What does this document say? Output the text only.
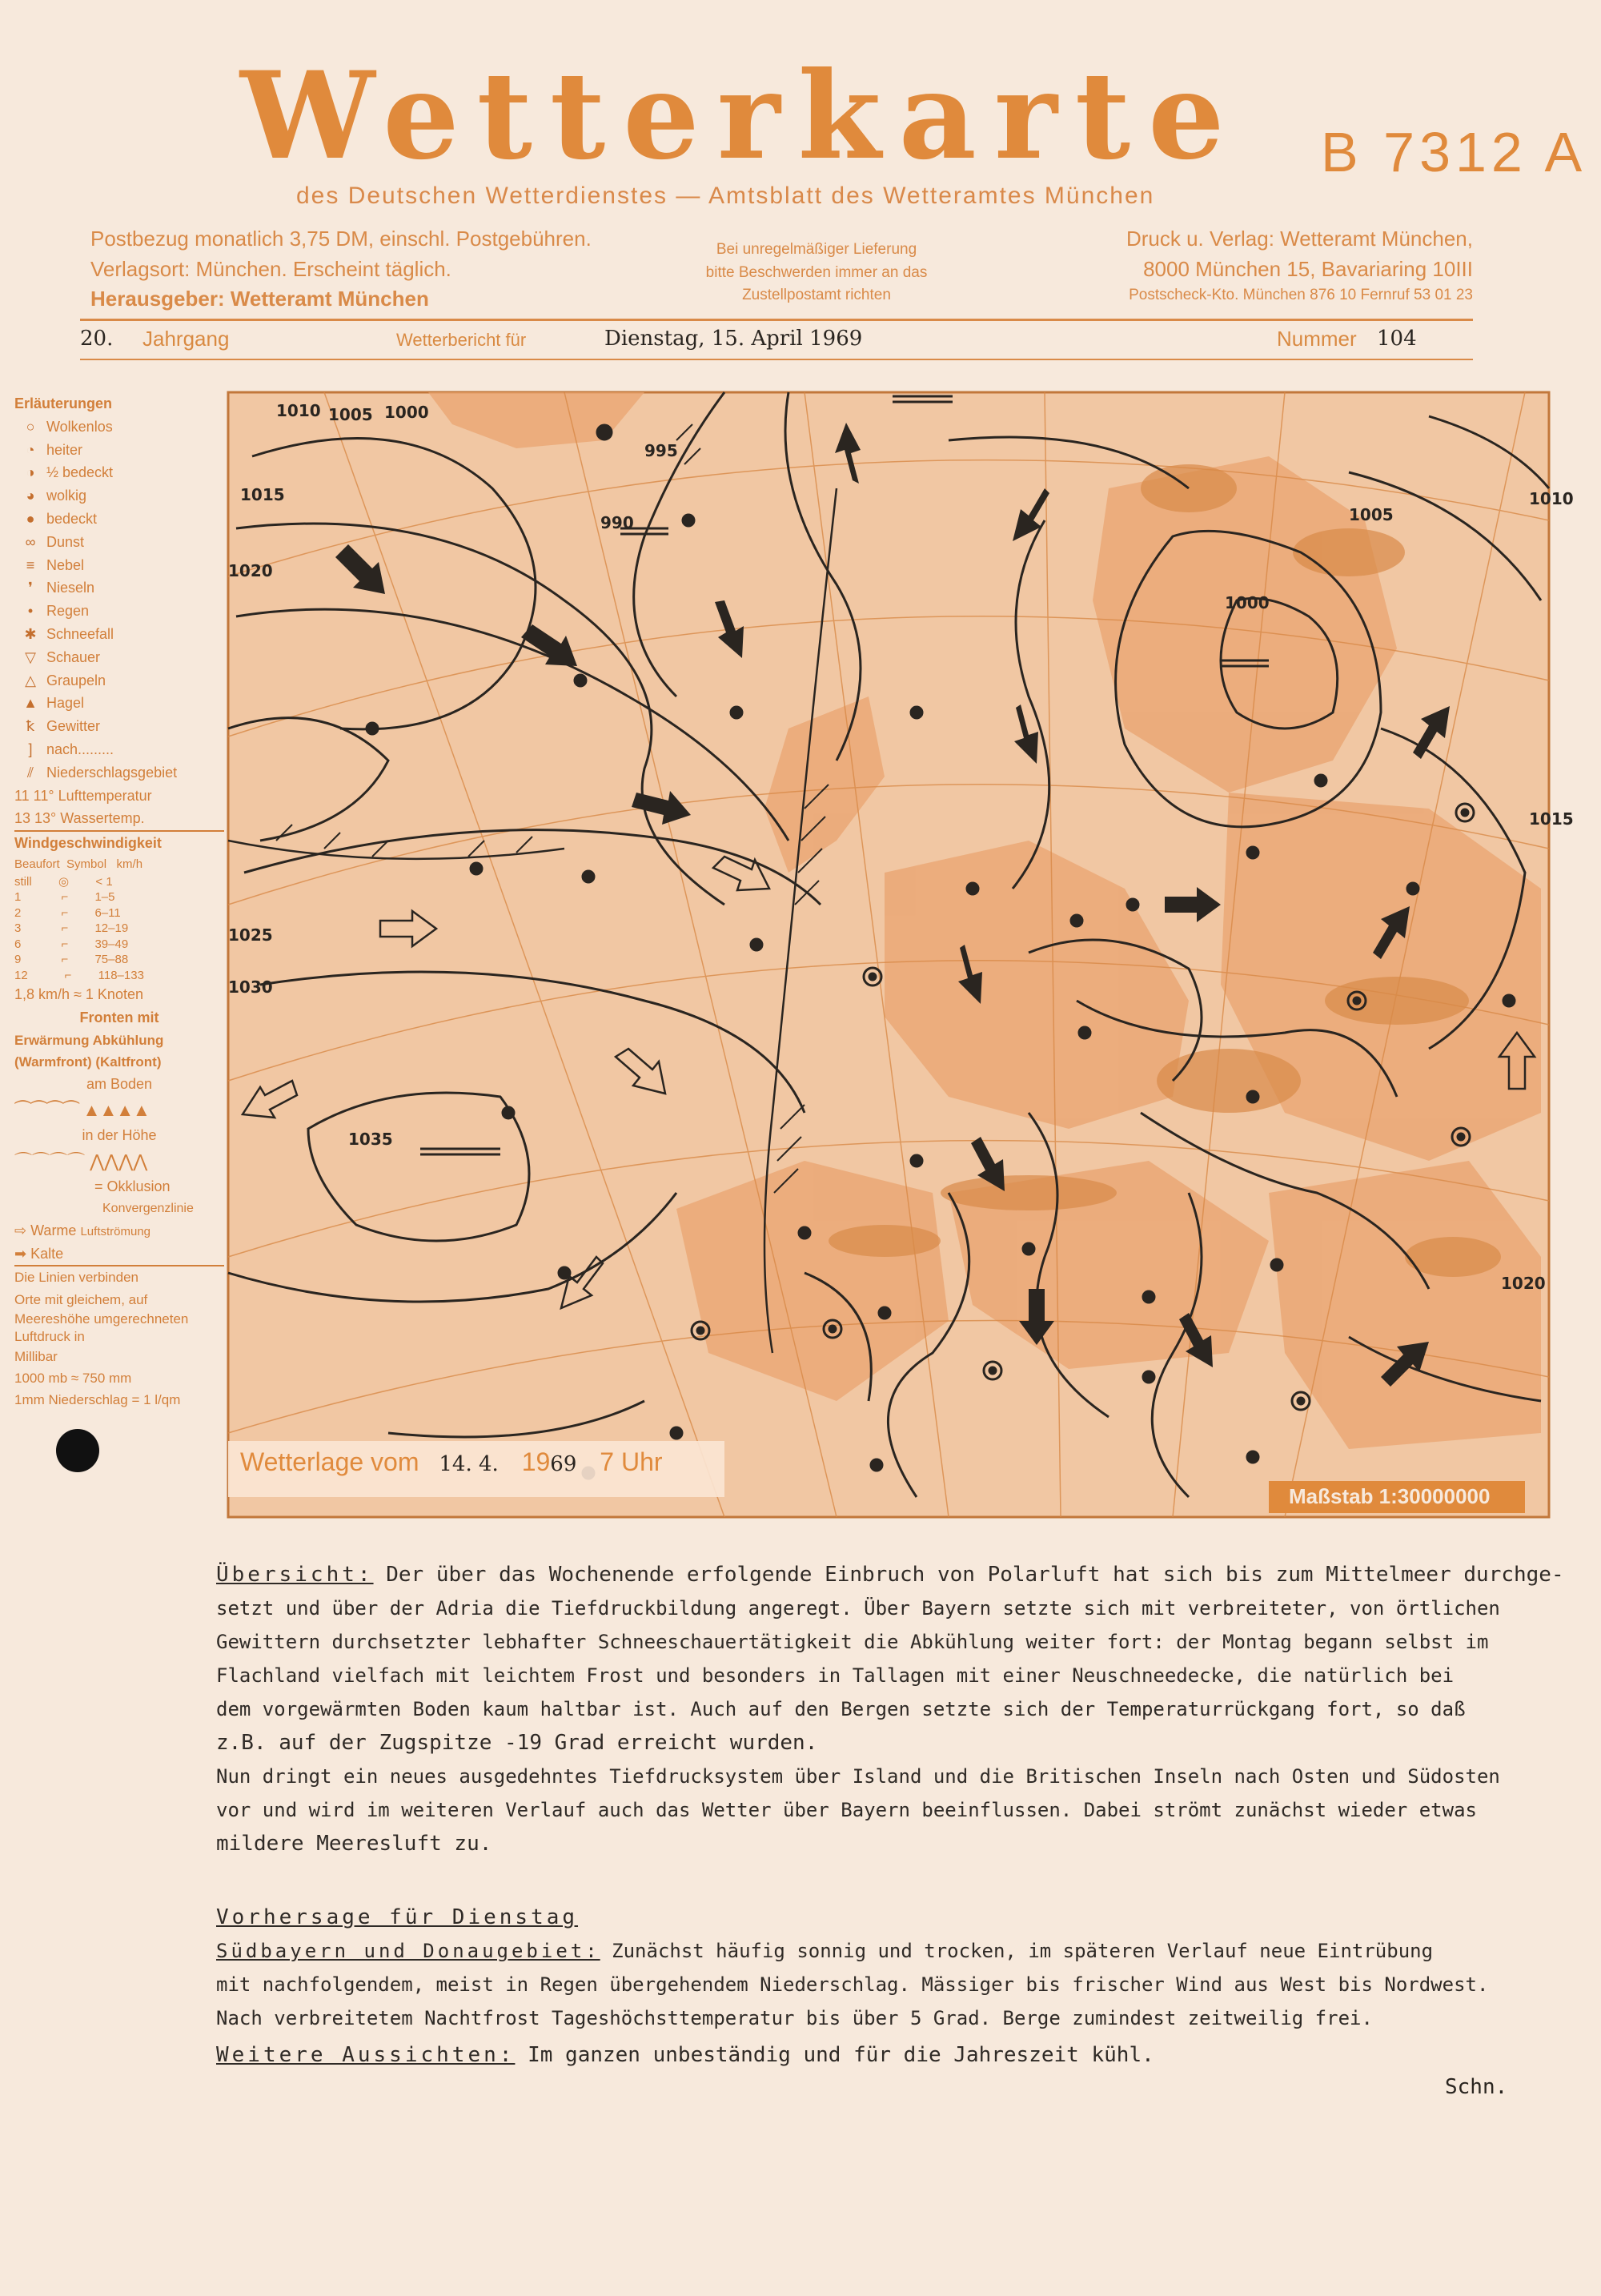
Wetterkarte B 7312 A
des Deutschen Wetterdienstes — Amtsblatt des Wetteramtes München
Postbezug monatlich 3,75 DM, einschl. Postgebühren.
Verlagsort: München. Erscheint täglich.
Herausgeber: Wetteramt München
Bei unregelmäßiger Lieferung
bitte Beschwerden immer an das
Zustellpostamt richten
Druck u. Verlag: Wetteramt München,
8000 München 15, Bavariaring 10III
Postscheck-Kto. München 876 10 Fernruf 53 01 23
20. Jahrgang	Wetterbericht für	Dienstag, 15. April 1969	Nummer 104
Erläuterungen
○ Wolkenlos
◔ heiter
◑ ½ bedeckt
◕ wolkig
● bedeckt
∞ Dunst
≡ Nebel
❜ Nieseln
• Regen
✱ Schneefall
▽ Schauer
△ Graupeln
▲ Hagel
ꝁ Gewitter
] nach.........
⫽ Niederschlagsgebiet
11 11° Lufttemperatur
13 13° Wassertemp.
Windgeschwindigkeit
Beaufort  Symbol   km/h
still        ◎        < 1
1            ⌐        1–5
2            ⌐        6–11
3            ⌐        12–19
6            ⌐        39–49
9            ⌐        75–88
12           ⌐        118–133
1,8 km/h ≈ 1 Knoten
Fronten mit
Erwärmung Abkühlung
(Warmfront) (Kaltfront)
am Boden
⏜⏜⏜⏜ ▲▲▲▲
in der Höhe
⌒⌒⌒⌒ ⋀⋀⋀⋀
= Okklusion
Konvergenzlinie
⇨ Warme Luftströmung
➡ Kalte
Die Linien verbinden
Orte mit gleichem, auf
Meereshöhe umgerechneten Luftdruck in
Millibar
1000 mb ≈ 750 mm
1mm Niederschlag = 1 l/qm
1010 1005 1000
995
990
1015
1020
1025
1030
1035
1000
1005
1010
1015
1020
Wetterlage vom 14. 4. 1969 7 Uhr
Maßstab 1:30000000
Übersicht: Der über das Wochenende erfolgende Einbruch von Polarluft hat sich bis zum Mittelmeer durchge-
setzt und über der Adria die Tiefdruckbildung angeregt. Über Bayern setzte sich mit verbreiteter, von örtlichen
Gewittern durchsetzter lebhafter Schneeschauertätigkeit die Abkühlung weiter fort: der Montag begann selbst im
Flachland vielfach mit leichtem Frost und besonders in Tallagen mit einer Neuschneedecke, die natürlich bei
dem vorgewärmten Boden kaum haltbar ist. Auch auf den Bergen setzte sich der Temperaturrückgang fort, so daß
z.B. auf der Zugspitze -19 Grad erreicht wurden.
Nun dringt ein neues ausgedehntes Tiefdrucksystem über Island und die Britischen Inseln nach Osten und Südosten
vor und wird im weiteren Verlauf auch das Wetter über Bayern beeinflussen. Dabei strömt zunächst wieder etwas
mildere Meeresluft zu.
Vorhersage für Dienstag
Südbayern und Donaugebiet: Zunächst häufig sonnig und trocken, im späteren Verlauf neue Eintrübung
mit nachfolgendem, meist in Regen übergehendem Niederschlag. Mässiger bis frischer Wind aus West bis Nordwest.
Nach verbreitetem Nachtfrost Tageshöchsttemperatur bis über 5 Grad. Berge zumindest zeitweilig frei.
Weitere Aussichten: Im ganzen unbeständig und für die Jahreszeit kühl.
Schn.
